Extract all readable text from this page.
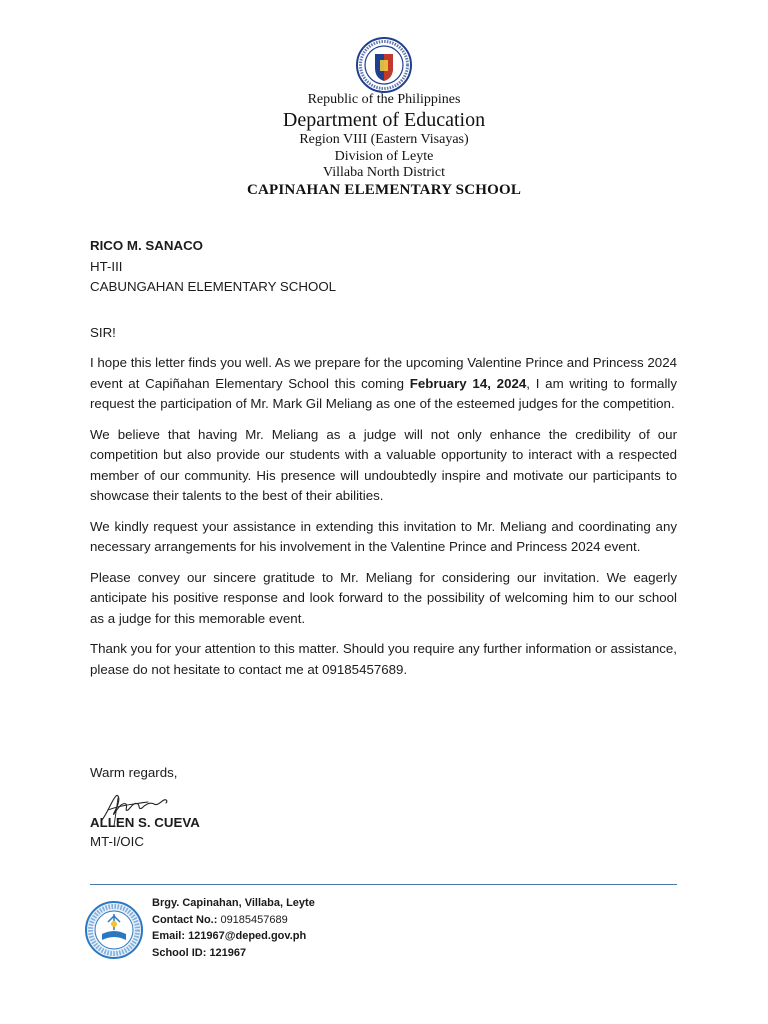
Republic of the Philippines
Department of Education
Region VIII (Eastern Visayas)
Division of Leyte
Villaba North District
CAPINAHAN ELEMENTARY SCHOOL
RICO M. SANACO
HT-III
CABUNGAHAN ELEMENTARY SCHOOL
SIR!

I hope this letter finds you well. As we prepare for the upcoming Valentine Prince and Princess 2024 event at Capiñahan Elementary School this coming February 14, 2024, I am writing to formally request the participation of Mr. Mark Gil Meliang as one of the esteemed judges for the competition.

We believe that having Mr. Meliang as a judge will not only enhance the credibility of our competition but also provide our students with a valuable opportunity to interact with a respected member of our community. His presence will undoubtedly inspire and motivate our participants to showcase their talents to the best of their abilities.

We kindly request your assistance in extending this invitation to Mr. Meliang and coordinating any necessary arrangements for his involvement in the Valentine Prince and Princess 2024 event.

Please convey our sincere gratitude to Mr. Meliang for considering our invitation. We eagerly anticipate his positive response and look forward to the possibility of welcoming him to our school as a judge for this memorable event.

Thank you for your attention to this matter. Should you require any further information or assistance, please do not hesitate to contact me at 09185457689.

Warm regards,
ALLEN S. CUEVA
MT-I/OIC
Brgy. Capinahan, Villaba, Leyte
Contact No.: 09185457689
Email: 121967@deped.gov.ph
School ID: 121967
